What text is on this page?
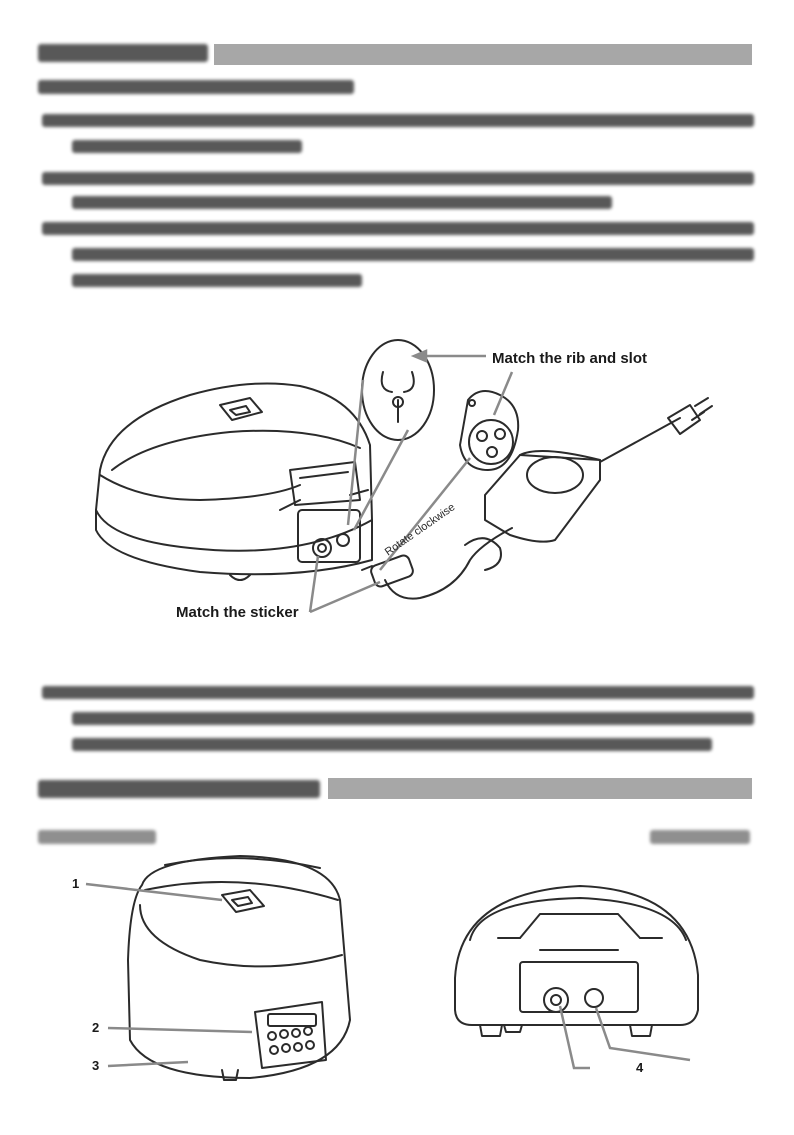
Rotate clockwise
Match the rib and slot
Match the sticker
1
2
3	4
